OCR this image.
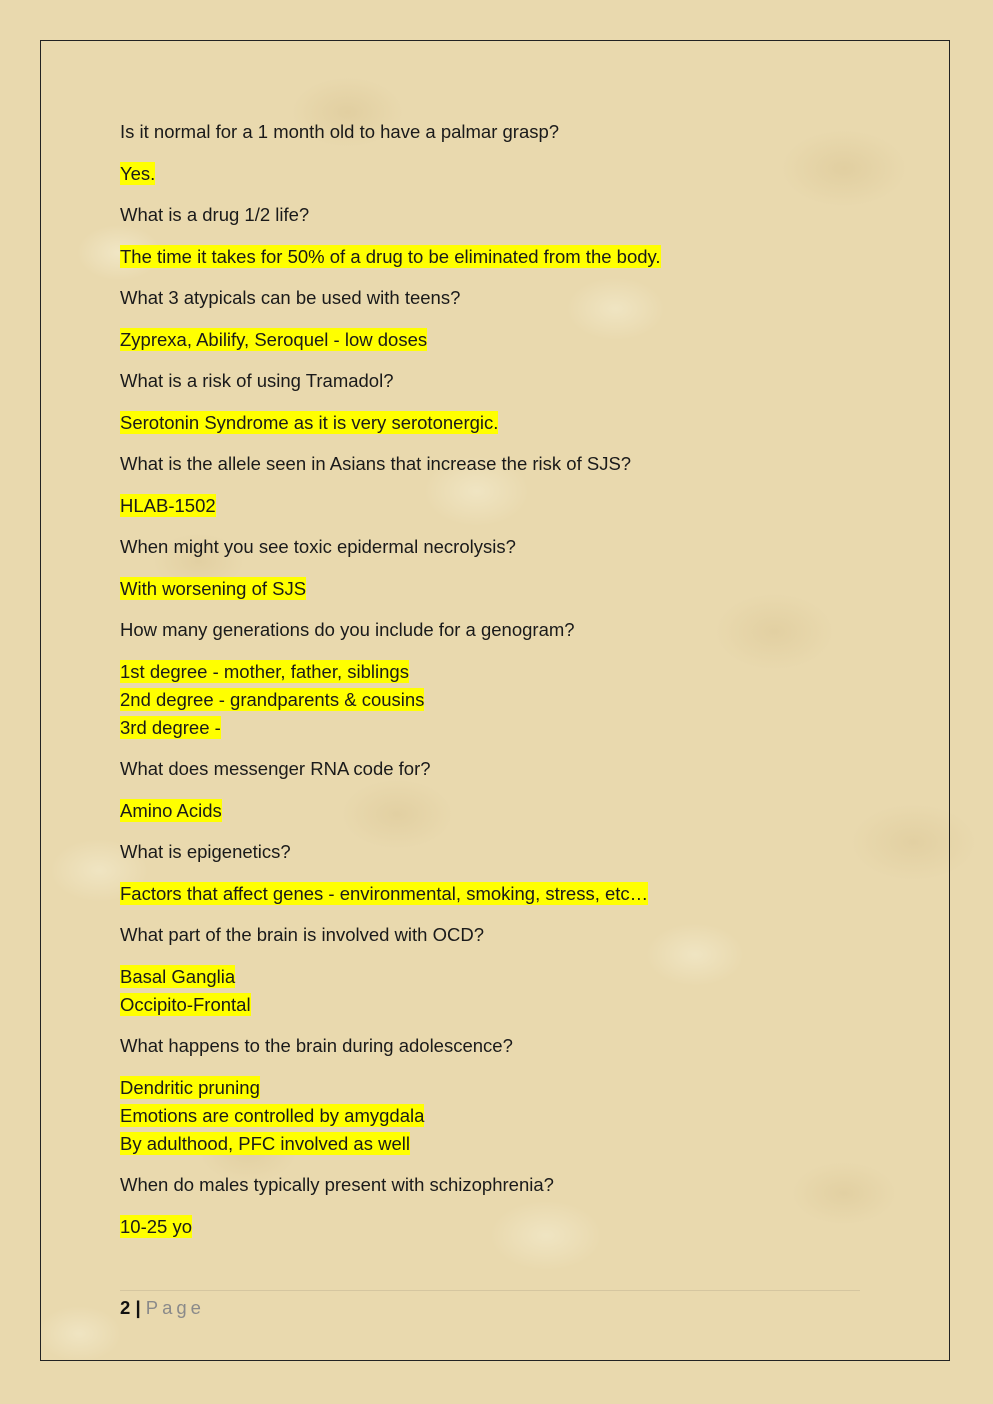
Is it normal for a 1 month old to have a palmar grasp?
Yes.
What is a drug 1/2 life?
The time it takes for 50% of a drug to be eliminated from the body.
What 3 atypicals can be used with teens?
Zyprexa, Abilify, Seroquel - low doses
What is a risk of using Tramadol?
Serotonin Syndrome as it is very serotonergic.
What is the allele seen in Asians that increase the risk of SJS?
HLAB-1502
When might you see toxic epidermal necrolysis?
With worsening of SJS
How many generations do you include for a genogram?
1st degree - mother, father, siblings
2nd degree - grandparents & cousins
3rd degree -
What does messenger RNA code for?
Amino Acids
What is epigenetics?
Factors that affect genes - environmental, smoking, stress, etc…
What part of the brain is involved with OCD?
Basal Ganglia
Occipito-Frontal
What happens to the brain during adolescence?
Dendritic pruning
Emotions are controlled by amygdala
By adulthood, PFC involved as well
When do males typically present with schizophrenia?
10-25 yo
2 | Page
